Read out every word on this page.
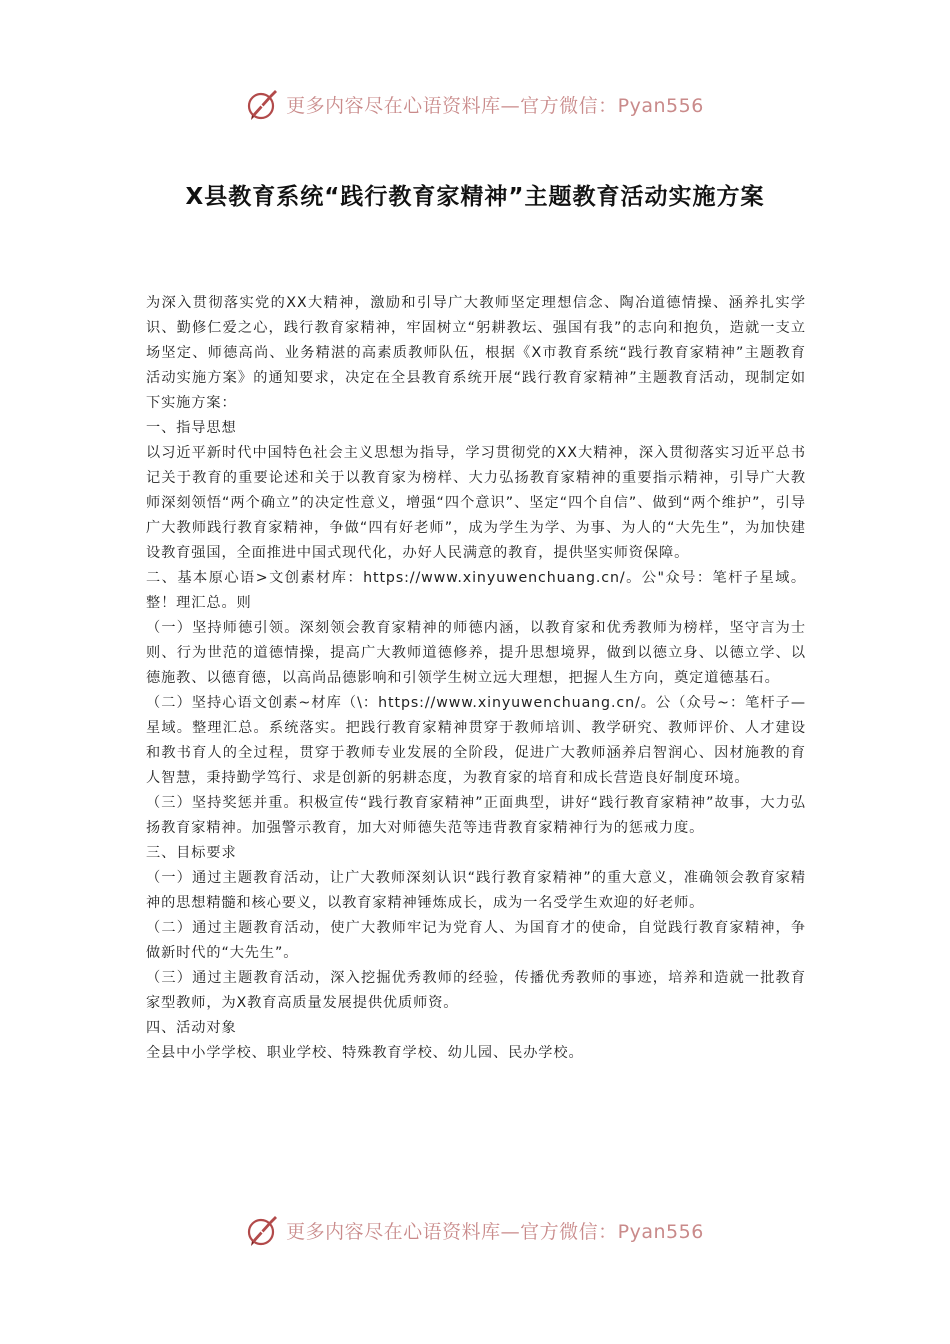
更多内容尽在心语资料库—官方微信：Pyan556
X县教育系统“践行教育家精神”主题教育活动实施方案

为深入贯彻落实党的XX大精神，激励和引导广大教师坚定理想信念、陶冶道德情操、涵养扎实学识、勤修仁爱之心，践行教育家精神，牢固树立“躬耕教坛、强国有我”的志向和抱负，造就一支立场坚定、师德高尚、业务精湛的高素质教师队伍，根据《X市教育系统“践行教育家精神”主题教育活动实施方案》的通知要求，决定在全县教育系统开展“践行教育家精神”主题教育活动，现制定如下实施方案：

一、指导思想

以习近平新时代中国特色社会主义思想为指导，学习贯彻党的XX大精神，深入贯彻落实习近平总书记关于教育的重要论述和关于以教育家为榜样、大力弘扬教育家精神的重要指示精神，引导广大教师深刻领悟“两个确立”的决定性意义，增强“四个意识”、坚定“四个自信”、做到“两个维护”，引导广大教师践行教育家精神，争做“四有好老师”，成为学生为学、为事、为人的“大先生”，为加快建设教育强国，全面推进中国式现代化，办好人民满意的教育，提供坚实师资保障。

二、基本原心语>文创素材库：https://www.xinyuwenchuang.cn/。公"众号：笔杆子星域。整！理汇总。则

（一）坚持师德引领。深刻领会教育家精神的师德内涵，以教育家和优秀教师为榜样，坚守言为士则、行为世范的道德情操，提高广大教师道德修养，提升思想境界，做到以德立身、以德立学、以德施教、以德育德，以高尚品德影响和引领学生树立远大理想，把握人生方向，奠定道德基石。

（二）坚持心语文创素~材库（\：https://www.xinyuwenchuang.cn/。公（众号~：笔杆子—星域。整理汇总。系统落实。把践行教育家精神贯穿于教师培训、教学研究、教师评价、人才建设和教书育人的全过程，贯穿于教师专业发展的全阶段，促进广大教师涵养启智润心、因材施教的育人智慧，秉持勤学笃行、求是创新的躬耕态度，为教育家的培育和成长营造良好制度环境。

（三）坚持奖惩并重。积极宣传“践行教育家精神”正面典型，讲好“践行教育家精神”故事，大力弘扬教育家精神。加强警示教育，加大对师德失范等违背教育家精神行为的惩戒力度。

三、目标要求

（一）通过主题教育活动，让广大教师深刻认识“践行教育家精神”的重大意义，准确领会教育家精神的思想精髓和核心要义，以教育家精神锤炼成长，成为一名受学生欢迎的好老师。

（二）通过主题教育活动，使广大教师牢记为党育人、为国育才的使命，自觉践行教育家精神，争做新时代的“大先生”。

（三）通过主题教育活动，深入挖掘优秀教师的经验，传播优秀教师的事迹，培养和造就一批教育家型教师，为X教育高质量发展提供优质师资。

四、活动对象

全县中小学学校、职业学校、特殊教育学校、幼儿园、民办学校。

更多内容尽在心语资料库—官方微信：Pyan556
